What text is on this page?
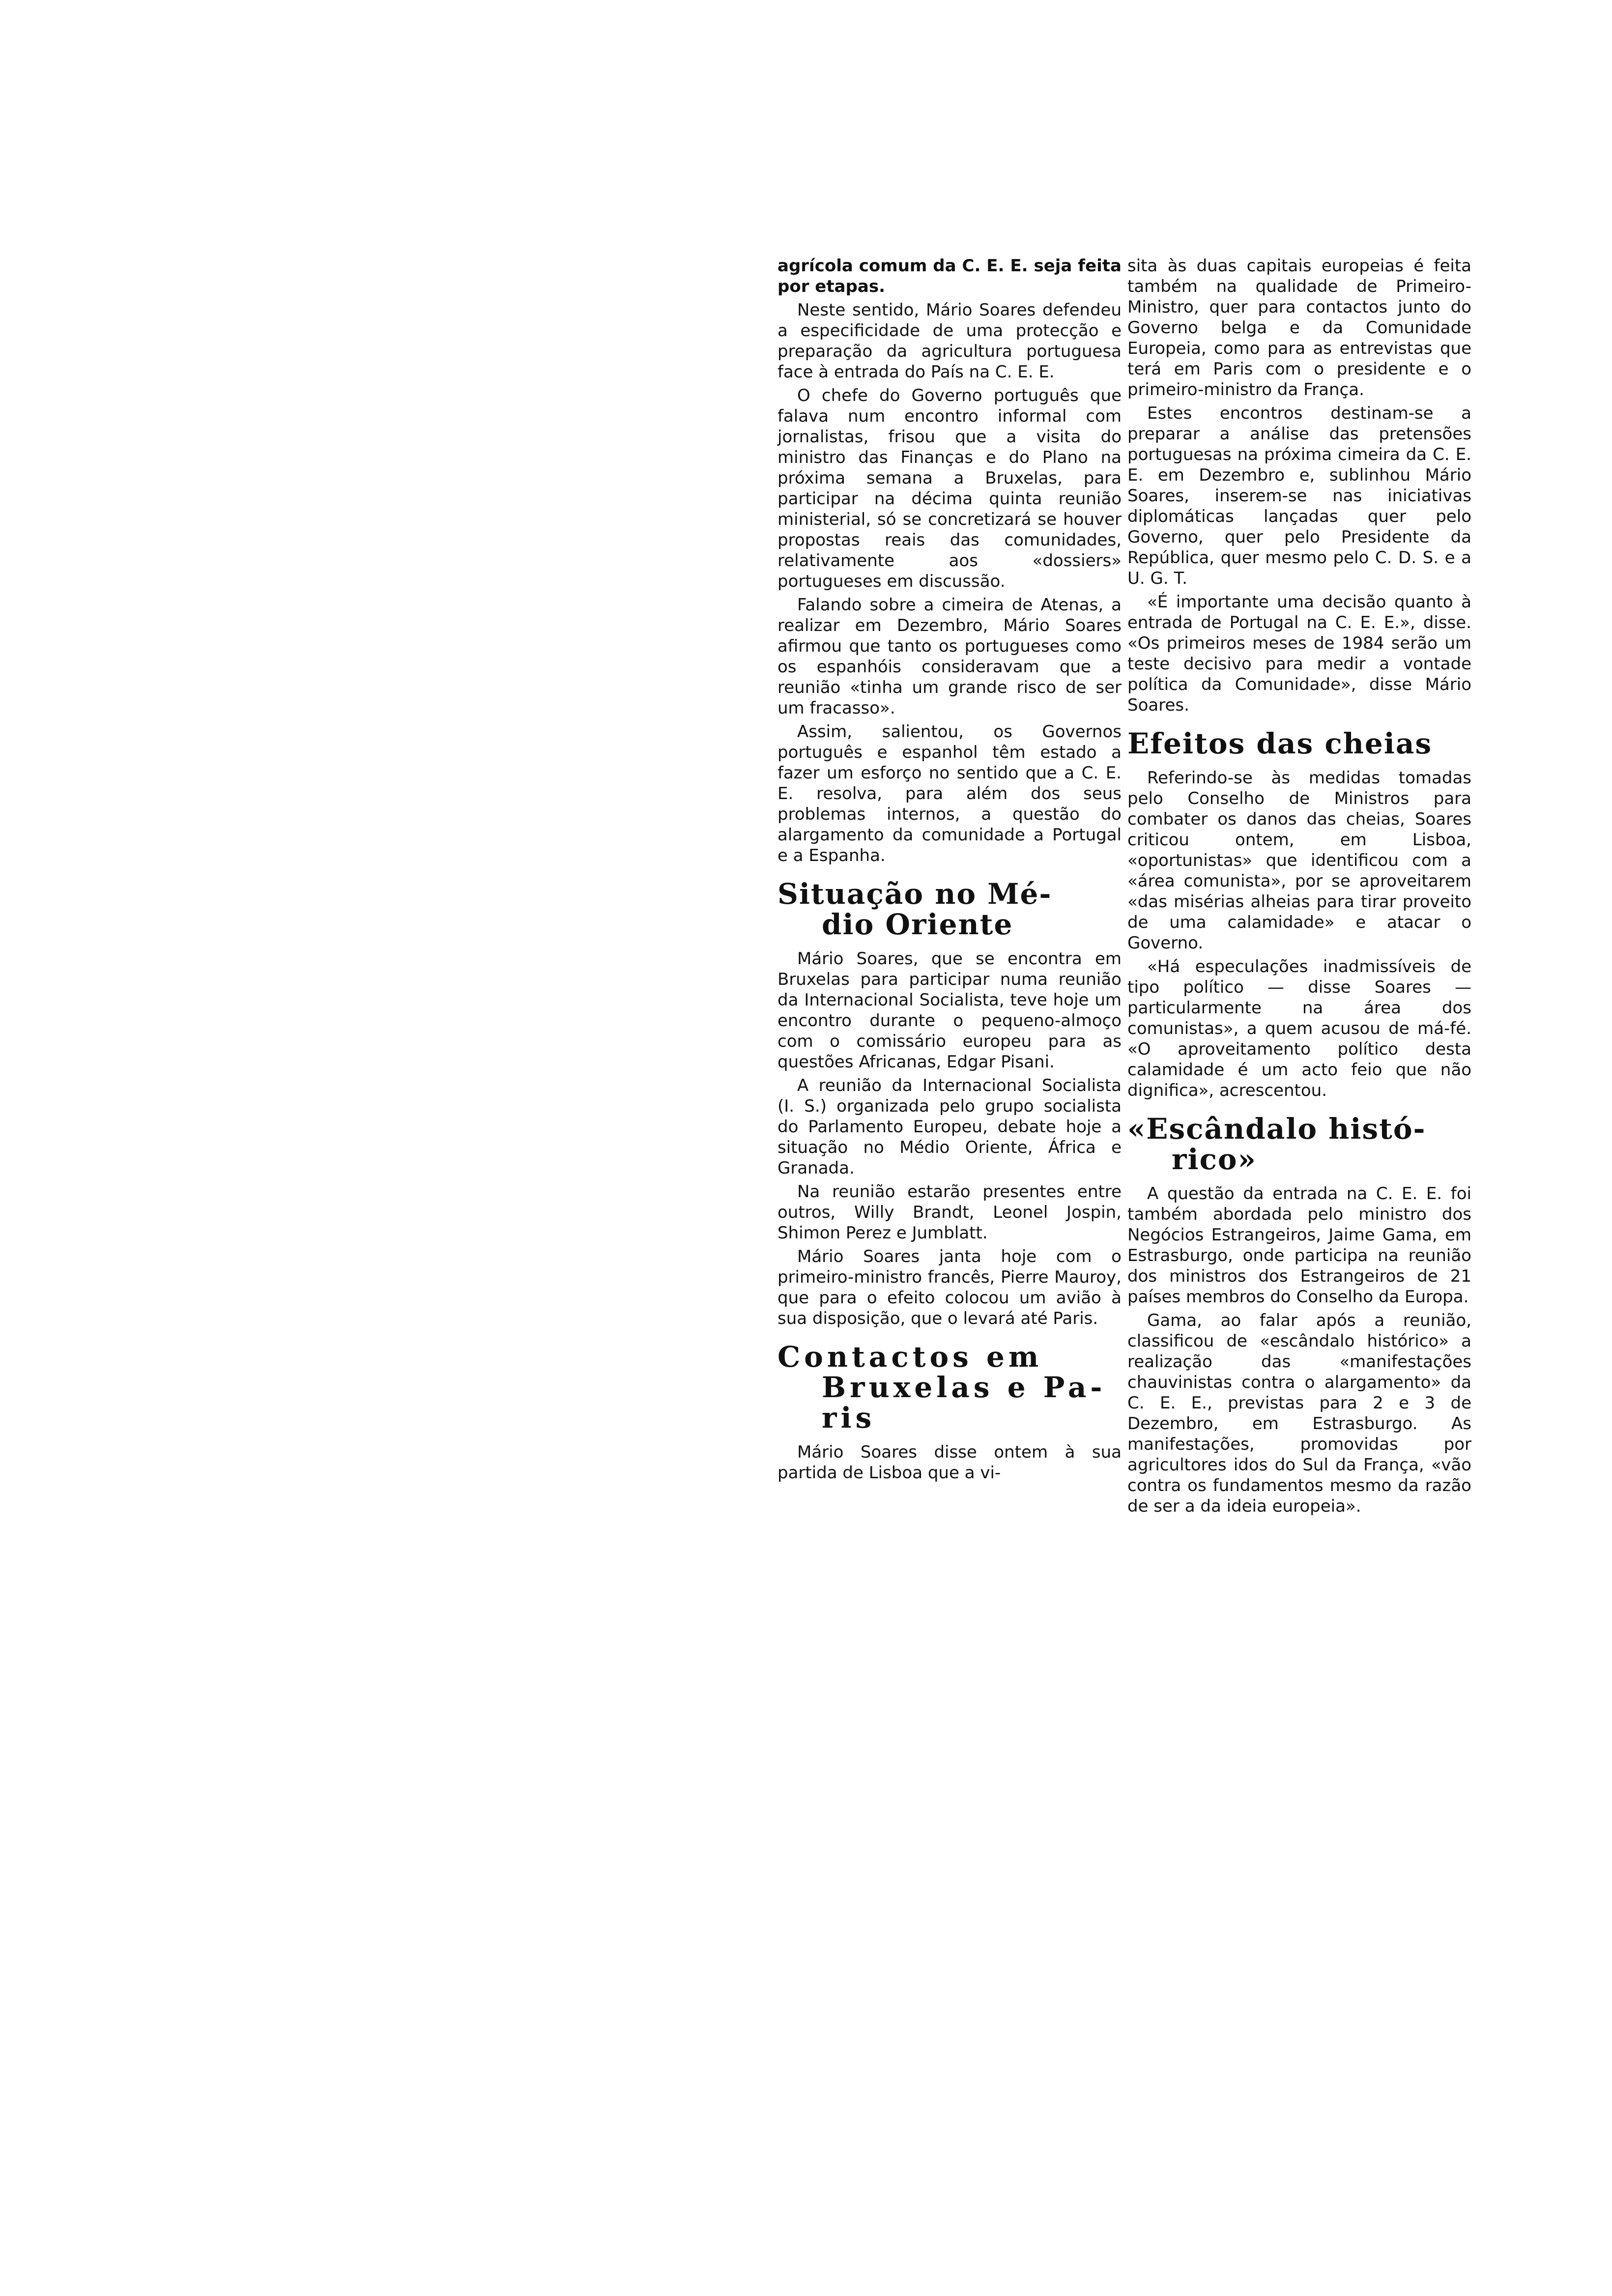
agrícola comum da C. E. E. seja feita por etapas.

Neste sentido, Mário Soares defendeu a especificidade de uma protecção e preparação da agricultura portuguesa face à entrada do País na C. E. E.

O chefe do Governo português que falava num encontro informal com jornalistas, frisou que a visita do ministro das Finanças e do Plano na próxima semana a Bruxelas, para participar na décima quinta reunião ministerial, só se concretizará se houver propostas reais das comunidades, relativamente aos «dossiers» portugueses em discussão.

Falando sobre a cimeira de Atenas, a realizar em Dezembro, Mário Soares afirmou que tanto os portugueses como os espanhóis consideravam que a reunião «tinha um grande risco de ser um fracasso».

Assim, salientou, os Governos português e espanhol têm estado a fazer um esforço no sentido que a C. E. E. resolva, para além dos seus problemas internos, a questão do alargamento da comunidade a Portugal e a Espanha.

Situação no Mé-

dio Oriente

Mário Soares, que se encontra em Bruxelas para participar numa reunião da Internacional Socialista, teve hoje um encontro durante o pequeno-almoço com o comissário europeu para as questões Africanas, Edgar Pisani.

A reunião da Internacional Socialista (I. S.) organizada pelo grupo socialista do Parlamento Europeu, debate hoje a situação no Médio Oriente, África e Granada.

Na reunião estarão presentes entre outros, Willy Brandt, Leonel Jospin, Shimon Perez e Jumblatt.

Mário Soares janta hoje com o primeiro-ministro francês, Pierre Mauroy, que para o efeito colocou um avião à sua disposição, que o levará até Paris.

Contactos em
Bruxelas e Pa-
ris

Mário Soares disse ontem à sua partida de Lisboa que a vi-

sita às duas capitais europeias é feita também na qualidade de Primeiro-Ministro, quer para contactos junto do Governo belga e da Comunidade Europeia, como para as entrevistas que terá em Paris com o presidente e o primeiro-ministro da França.

Estes encontros destinam-se a preparar a análise das pretensões portuguesas na próxima cimeira da C. E. E. em Dezembro e, sublinhou Mário Soares, inserem-se nas iniciativas diplomáticas lançadas quer pelo Governo, quer pelo Presidente da República, quer mesmo pelo C. D. S. e a U. G. T.

«É importante uma decisão quanto à entrada de Portugal na C. E. E.», disse. «Os primeiros meses de 1984 serão um teste decisivo para medir a vontade política da Comunidade», disse Mário Soares.

Efeitos das cheias

Referindo-se às medidas tomadas pelo Conselho de Ministros para combater os danos das cheias, Soares criticou ontem, em Lisboa, «oportunistas» que identificou com a «área comunista», por se aproveitarem «das misérias alheias para tirar proveito de uma calamidade» e atacar o Governo.

«Há especulações inadmissíveis de tipo político — disse Soares — particularmente na área dos comunistas», a quem acusou de má-fé. «O aproveitamento político desta calamidade é um acto feio que não dignifica», acrescentou.

«Escândalo histó-

rico»

A questão da entrada na C. E. E. foi também abordada pelo ministro dos Negócios Estrangeiros, Jaime Gama, em Estrasburgo, onde participa na reunião dos ministros dos Estrangeiros de 21 países membros do Conselho da Europa.

Gama, ao falar após a reunião, classificou de «escândalo histórico» a realização das «manifestações chauvinistas contra o alargamento» da C. E. E., previstas para 2 e 3 de Dezembro, em Estrasburgo. As manifestações, promovidas por agricultores idos do Sul da França, «vão contra os fundamentos mesmo da razão de ser a da ideia europeia».
